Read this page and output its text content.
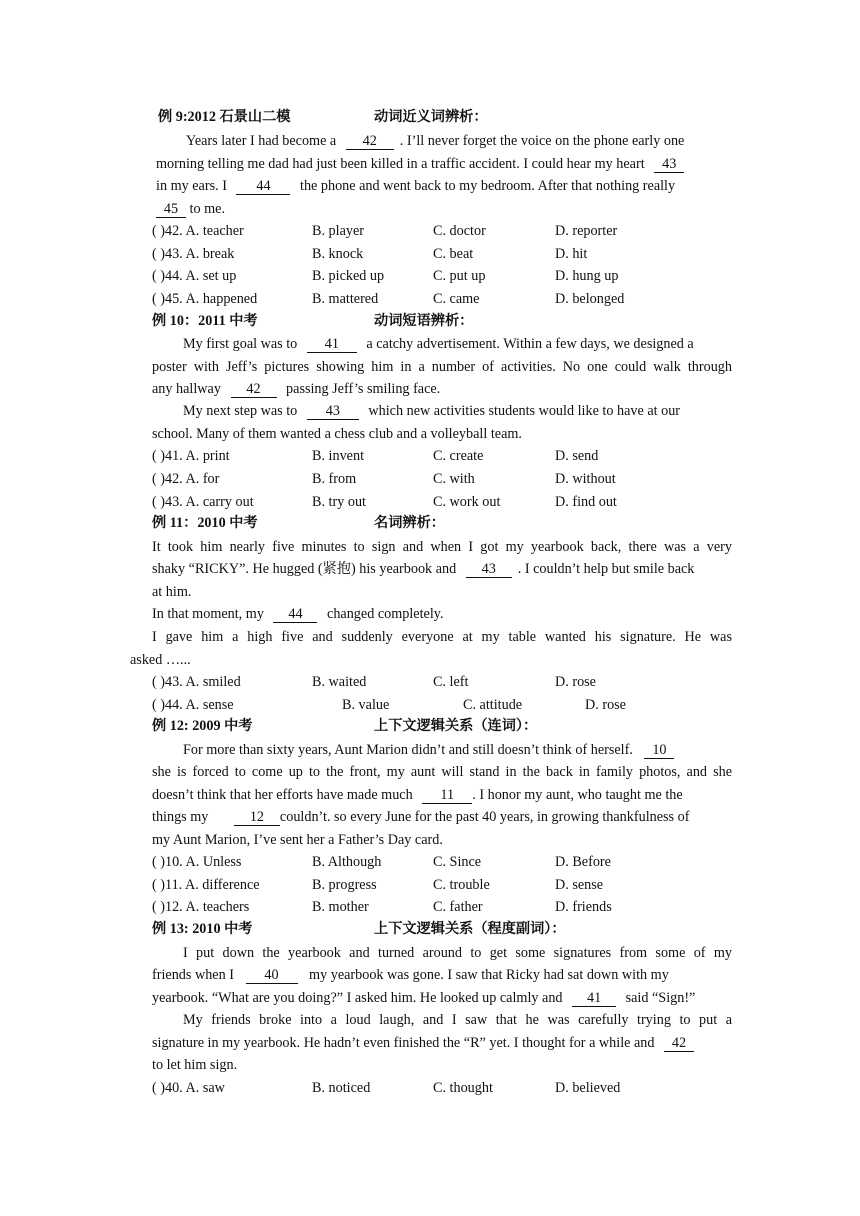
例 9:2012 石景山二模	动词近义词辨析：
Years later I had become a 42 . I’ll never forget the voice on the phone early one
morning telling me dad had just been killed in a traffic accident. I could hear my heart 43
in my ears. I 44 the phone and went back to my bedroom. After that nothing really
45 to me.
( )42. A. teacher	B. player	C. doctor	D. reporter
( )43. A. break	B. knock	C. beat	D. hit
( )44. A. set up	B. picked up	C. put up	D. hung up
( )45. A. happened	B. mattered	C. came	D. belonged
例 10：2011 中考	动词短语辨析：
My first goal was to 41 a catchy advertisement. Within a few days, we designed a
poster with Jeff’s pictures showing him in a number of activities. No one could walk through
any hallway 42 passing Jeff’s smiling face.
My next step was to 43 which new activities students would like to have at our
school. Many of them wanted a chess club and a volleyball team.
( )41. A. print	B. invent	C. create	D. send
( )42. A. for	B. from	C. with	D. without
( )43. A. carry out	B. try out	C. work out	D. find out
例 11：2010 中考	名词辨析：
It took him nearly five minutes to sign and when I got my yearbook back, there was a very
shaky “RICKY”. He hugged (紧抱) his yearbook and 43 . I couldn’t help but smile back
at him.
In that moment, my 44 changed completely.
I gave him a high five and suddenly everyone at my table wanted his signature. He was
asked …...
( )43. A. smiled	B. waited	C. left	D. rose
( )44. A. sense	B. value	C. attitude	D. rose
例 12: 2009 中考	上下文逻辑关系（连词）：
For more than sixty years, Aunt Marion didn’t and still doesn’t think of herself. 10
she is forced to come up to the front, my aunt will stand in the back in family photos, and she
doesn’t think that her efforts have made much 11 . I honor my aunt, who taught me the
things my	12 couldn’t. so every June for the past 40 years, in growing thankfulness of
my Aunt Marion, I’ve sent her a Father’s Day card.
( )10. A. Unless	B. Although	C. Since	D. Before
( )11. A. difference	B. progress	C. trouble	D. sense
( )12. A. teachers	B. mother	C. father	D. friends
例 13: 2010 中考	上下文逻辑关系（程度副词）：
I put down the yearbook and turned around to get some signatures from some of my
friends when I 40 my yearbook was gone. I saw that Ricky had sat down with my
yearbook. “What are you doing?” I asked him. He looked up calmly and 41 said “Sign!”
My friends broke into a loud laugh, and I saw that he was carefully trying to put a
signature in my yearbook. He hadn’t even finished the “R” yet. I thought for a while and 42
to let him sign.
( )40. A. saw	B. noticed	C. thought	D. believed
